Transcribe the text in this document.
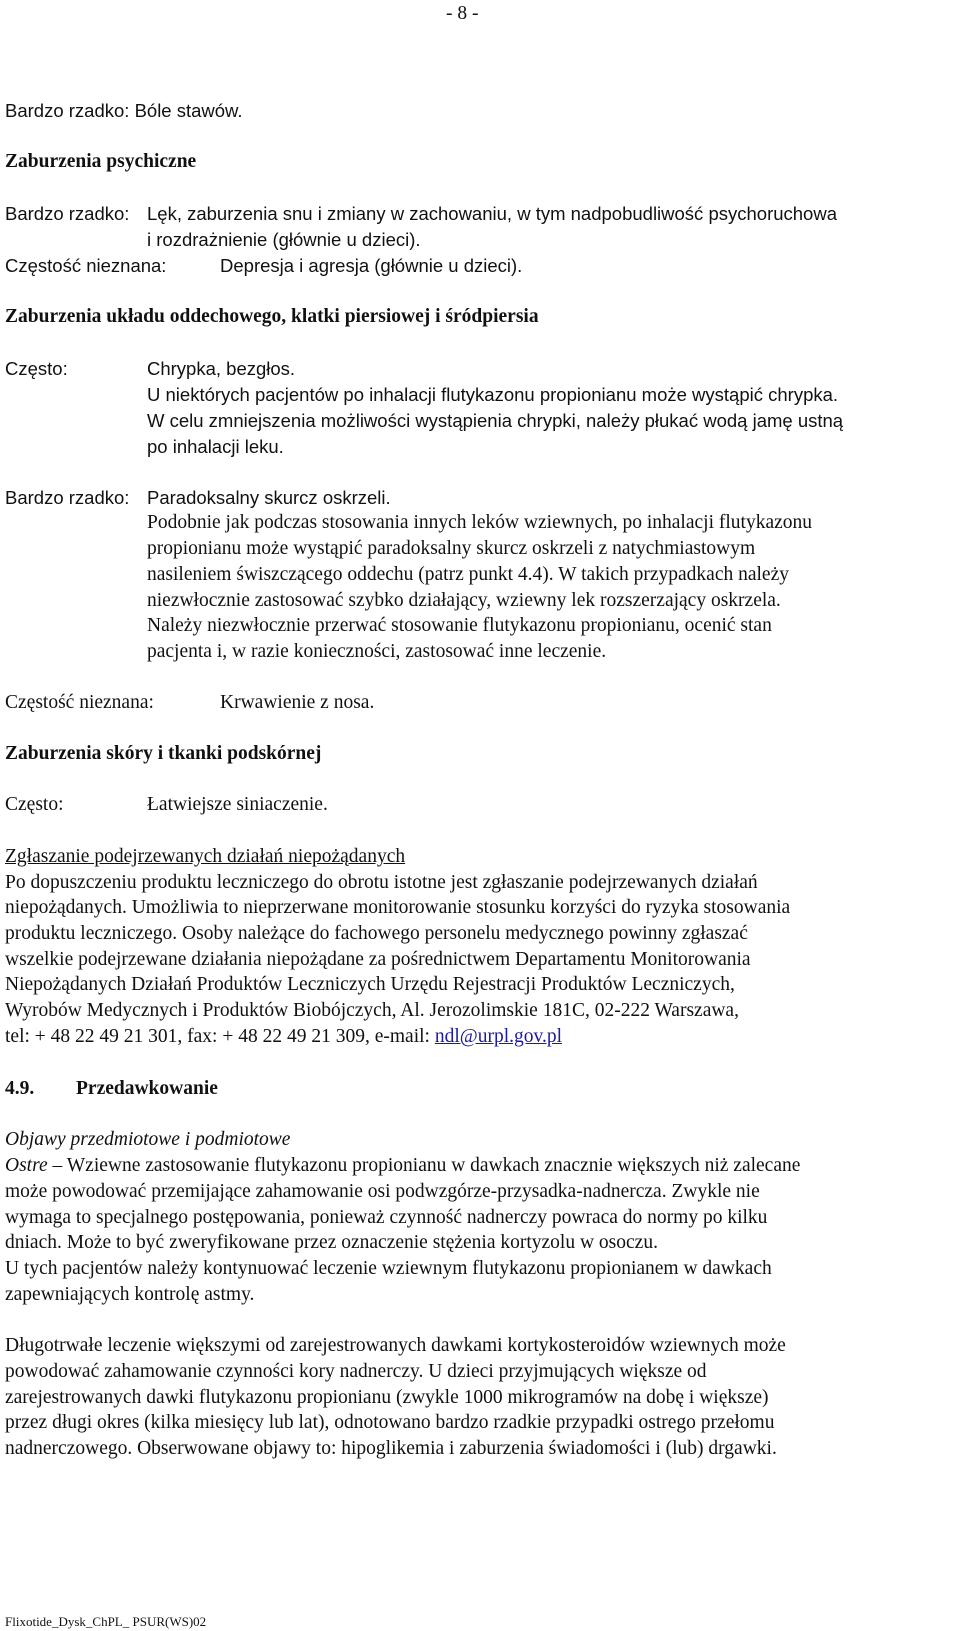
- 8 -
Bardzo rzadko: Bóle stawów.
Zaburzenia psychiczne
Bardzo rzadko: Lęk, zaburzenia snu i zmiany w zachowaniu, w tym nadpobudliwość psychoruchowa
i rozdrażnienie (głównie u dzieci).
Częstość nieznana:	Depresja i agresja (głównie u dzieci).
Zaburzenia układu oddechowego, klatki piersiowej i śródpiersia
Często:	Chrypka, bezgłos.
U niektórych pacjentów po inhalacji flutykazonu propionianu może wystąpić chrypka.
W celu zmniejszenia możliwości wystąpienia chrypki, należy płukać wodą jamę ustną
po inhalacji leku.
Bardzo rzadko: Paradoksalny skurcz oskrzeli.
Podobnie jak podczas stosowania innych leków wziewnych, po inhalacji flutykazonu
propionianu może wystąpić paradoksalny skurcz oskrzeli z natychmiastowym
nasileniem świszczącego oddechu (patrz punkt 4.4). W takich przypadkach należy
niezwłocznie zastosować szybko działający, wziewny lek rozszerzający oskrzela.
Należy niezwłocznie przerwać stosowanie flutykazonu propionianu, ocenić stan
pacjenta i, w razie konieczności, zastosować inne leczenie.
Częstość nieznana:	Krwawienie z nosa.
Zaburzenia skóry i tkanki podskórnej
Często:	Łatwiejsze siniaczenie.
Zgłaszanie podejrzewanych działań niepożądanych
Po dopuszczeniu produktu leczniczego do obrotu istotne jest zgłaszanie podejrzewanych działań
niepożądanych. Umożliwia to nieprzerwane monitorowanie stosunku korzyści do ryzyka stosowania
produktu leczniczego. Osoby należące do fachowego personelu medycznego powinny zgłaszać
wszelkie podejrzewane działania niepożądane za pośrednictwem Departamentu Monitorowania
Niepożądanych Działań Produktów Leczniczych Urzędu Rejestracji Produktów Leczniczych,
Wyrobów Medycznych i Produktów Biobójczych, Al. Jerozolimskie 181C, 02-222 Warszawa,
tel: + 48 22 49 21 301, fax: + 48 22 49 21 309, e-mail: ndl@urpl.gov.pl
4.9. Przedawkowanie
Objawy przedmiotowe i podmiotowe
Ostre – Wziewne zastosowanie flutykazonu propionianu w dawkach znacznie większych niż zalecane
może powodować przemijające zahamowanie osi podwzgórze-przysadka-nadnercza. Zwykle nie
wymaga to specjalnego postępowania, ponieważ czynność nadnerczy powraca do normy po kilku
dniach. Może to być zweryfikowane przez oznaczenie stężenia kortyzolu w osoczu.
U tych pacjentów należy kontynuować leczenie wziewnym flutykazonu propionianem w dawkach
zapewniających kontrolę astmy.
Długotrwałe leczenie większymi od zarejestrowanych dawkami kortykosteroidów wziewnych może
powodować zahamowanie czynności kory nadnerczy. U dzieci przyjmujących większe od
zarejestrowanych dawki flutykazonu propionianu (zwykle 1000 mikrogramów na dobę i większe)
przez długi okres (kilka miesięcy lub lat), odnotowano bardzo rzadkie przypadki ostrego przełomu
nadnerczowego. Obserwowane objawy to: hipoglikemia i zaburzenia świadomości i (lub) drgawki.
Flixotide_Dysk_ChPL_ PSUR(WS)02
